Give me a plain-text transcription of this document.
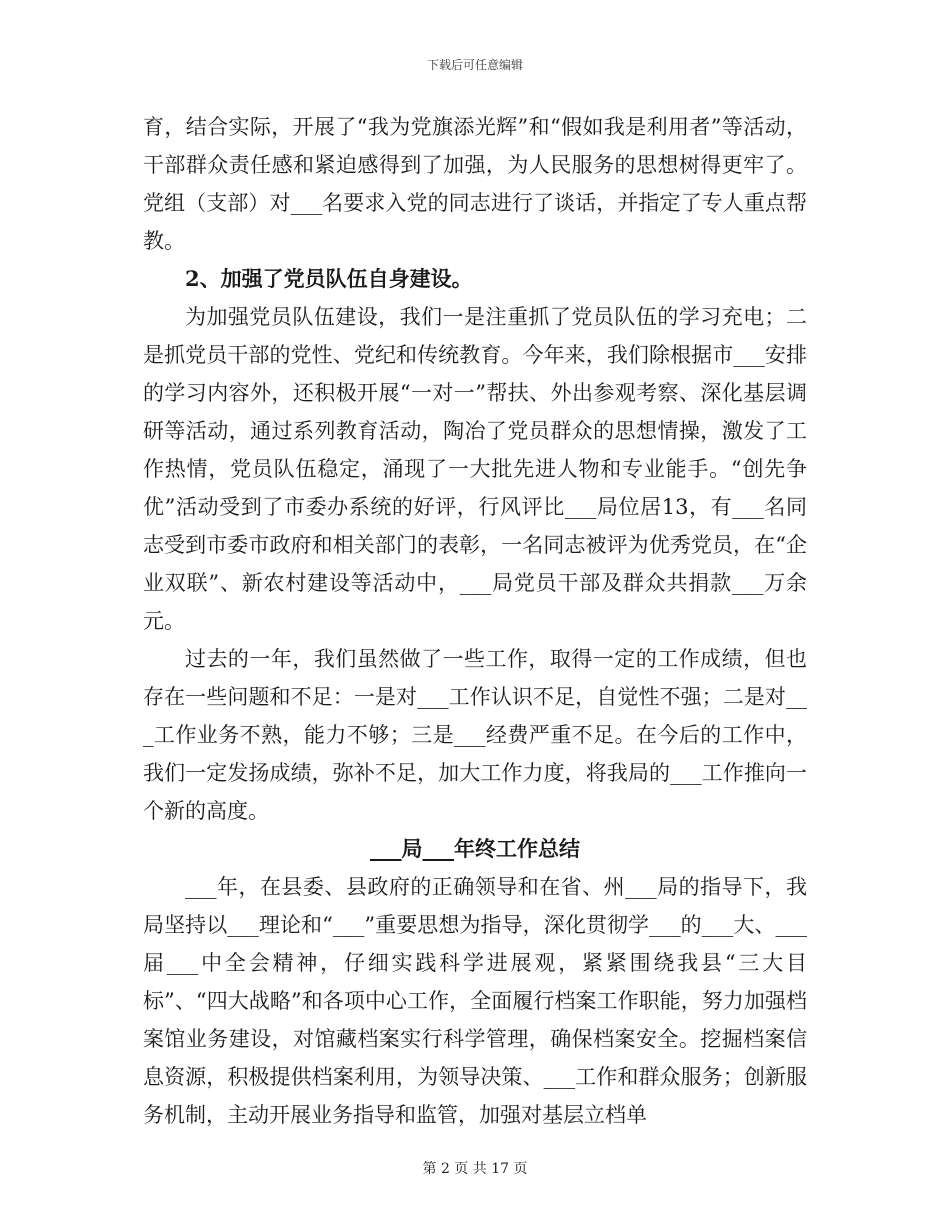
下载后可任意编辑

育，结合实际，开展了“我为党旗添光辉”和“假如我是利用者”等活动，干部群众责任感和紧迫感得到了加强，为人民服务的思想树得更牢了。党组（支部）对___名要求入党的同志进行了谈话，并指定了专人重点帮教。

2、加强了党员队伍自身建设。

为加强党员队伍建设，我们一是注重抓了党员队伍的学习充电；二是抓党员干部的党性、党纪和传统教育。今年来，我们除根据市___安排的学习内容外，还积极开展“一对一”帮扶、外出参观考察、深化基层调研等活动，通过系列教育活动，陶冶了党员群众的思想情操，激发了工作热情，党员队伍稳定，涌现了一大批先进人物和专业能手。“创先争优”活动受到了市委办系统的好评，行风评比___局位居13，有___名同志受到市委市政府和相关部门的表彰，一名同志被评为优秀党员，在“企业双联”、新农村建设等活动中，___局党员干部及群众共捐款___万余元。

过去的一年，我们虽然做了一些工作，取得一定的工作成绩，但也存在一些问题和不足：一是对___工作认识不足，自觉性不强；二是对___工作业务不熟，能力不够；三是___经费严重不足。在今后的工作中，我们一定发扬成绩，弥补不足，加大工作力度，将我局的___工作推向一个新的高度。

___局___年终工作总结

___年，在县委、县政府的正确领导和在省、州___局的指导下，我局坚持以___理论和“___”重要思想为指导，深化贯彻学___的___大、___届___中全会精神，仔细实践科学进展观，紧紧围绕我县“三大目标”、“四大战略”和各项中心工作，全面履行档案工作职能，努力加强档案馆业务建设，对馆藏档案实行科学管理，确保档案安全。挖掘档案信息资源，积极提供档案利用，为领导决策、___工作和群众服务；创新服务机制，主动开展业务指导和监管，加强对基层立档单

第 2 页 共 17 页
